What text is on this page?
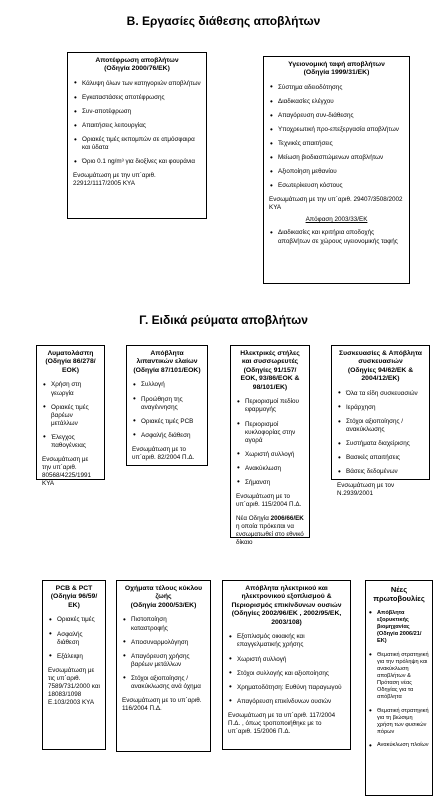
Β. Εργασίες διάθεσης αποβλήτων
Αποτέφρωση αποβλήτων
(Οδηγία 2000/76/ΕΚ)
• Κάλυψη όλων των κατηγοριών αποβλήτων
• Εγκαταστάσεις αποτέφρωσης
• Συν-αποτέφρωση
• Απαιτήσεις λειτουργίας
• Οριακές τιμές εκπομπών σε ατμόσφαιρα και ύδατα
• Όριο 0.1 ng/m³ για διοξίνες και φουράνια
Ενσωμάτωση με την υπ΄αριθ. 22912/1117/2005 ΚΥΑ
Υγειονομική ταφή αποβλήτων
(Οδηγία 1999/31/ΕΚ)
• Σύστημα αδειοδότησης
• Διαδικασίες ελέγχου
• Απαγόρευση συν-διάθεσης
• Υποχρεωτική προ-επεξεργασία αποβλήτων
• Τεχνικές απαιτήσεις
• Μείωση βιοδιασπώμενων αποβλήτων
• Αξιοποίηση μεθανίου
• Εσωτερίκευση κόστους
Ενσωμάτωση με την υπ΄αριθ. 29407/3508/2002 ΚΥΑ
Απόφαση 2003/33/ΕΚ
• Διαδικασίες και κριτήρια αποδοχής αποβλήτων σε χώρους υγειονομικής ταφής
Γ. Ειδικά ρεύματα αποβλήτων
Λυματολάσπη
(Οδηγία 86/278/ΕΟΚ)
• Χρήση στη γεωργία
• Οριακές τιμές βαρέων μετάλλων
• Έλεγχος παθογένειας
Ενσωμάτωση με την υπ΄αριθ. 80568/4225/1991 ΚΥΑ
Απόβλητα λιπαντικών ελαίων
(Οδηγία 87/101/ΕΟΚ)
• Συλλογή
• Προώθηση της αναγέννησης
• Οριακές τιμές PCB
• Ασφαλής διάθεση
Ενσωμάτωση με το υπ΄αριθ. 82/2004 Π.Δ.
Ηλεκτρικές στήλες και συσσωρευτές
(Οδηγίες 91/157/ΕΟΚ, 93/86/ΕΟΚ & 98/101/ΕΚ)
• Περιορισμοί πεδίου εφαρμογής
• Περιορισμοί κυκλοφορίας στην αγορά
• Χωριστή συλλογή
• Ανακύκλωση
• Σήμανση
Ενσωμάτωση με το υπ΄αριθ. 115/2004 Π.Δ.
Νέα Οδηγία 2006/66/ΕΚ η οποία πρόκειται να ενσωματωθεί στο εθνικό δίκαιο
Συσκευασίες & Απόβλητα συσκευασιών
(Οδηγίες 94/62/ΕΚ & 2004/12/ΕΚ)
• Όλα τα είδη συσκευασιών
• Ιεράρχηση
• Στόχοι αξιοποίησης / ανακύκλωσης
• Συστήματα διαχείρισης
• Βασικές απαιτήσεις
• Βάσεις δεδομένων
Ενσωμάτωση με τον Ν.2939/2001
PCB & PCT
(Οδηγία 96/59/ΕΚ)
• Οριακές τιμές
• Ασφαλής διάθεση
• Εξάλειψη
Ενσωμάτωση με τις υπ΄αριθ. 7589/731/2000 και 18083/1098 Ε.103/2003 ΚΥΑ
Οχήματα τέλους κύκλου ζωής
(Οδηγία 2000/53/ΕΚ)
• Πιστοποίηση καταστροφής
• Αποσυναρμολόγηση
• Απαγόρευση χρήσης βαρέων μετάλλων
• Στόχοι αξιοποίησης / ανακύκλωσης ανά όχημα
Ενσωμάτωση με το υπ΄αριθ. 116/2004 Π.Δ.
Απόβλητα ηλεκτρικού και ηλεκτρονικού εξοπλισμού &
Περιορισμός επικίνδυνων ουσιών (Οδηγίες 2002/96/ΕΚ , 2002/95/ΕΚ, 2003/108)
• Εξοπλισμός οικιακής και επαγγελματικής χρήσης
• Χωριστή συλλογή
• Στόχοι συλλογής και αξιοποίησης
• Χρηματοδότηση: Ευθύνη παραγωγού
• Απαγόρευση επικίνδυνων ουσιών
Ενσωμάτωση με τα υπ΄αριθ. 117/2004 Π.Δ. , όπως τροποποιήθηκε με το υπ΄αριθ. 15/2006 Π.Δ.
Νέες
πρωτοβουλίες
• Απόβλητα εξορυκτικής βιομηχανίας (Οδηγία 2006/21/ΕΚ)
• Θεματική στρατηγική για την πρόληψη και ανακύκλωση αποβλήτων & Πρόταση νέας Οδηγίας για τα απόβλητα
• Θεματική στρατηγική για τη βιώσιμη χρήση των φυσικών πόρων
• Ανακύκλωση πλοίων
